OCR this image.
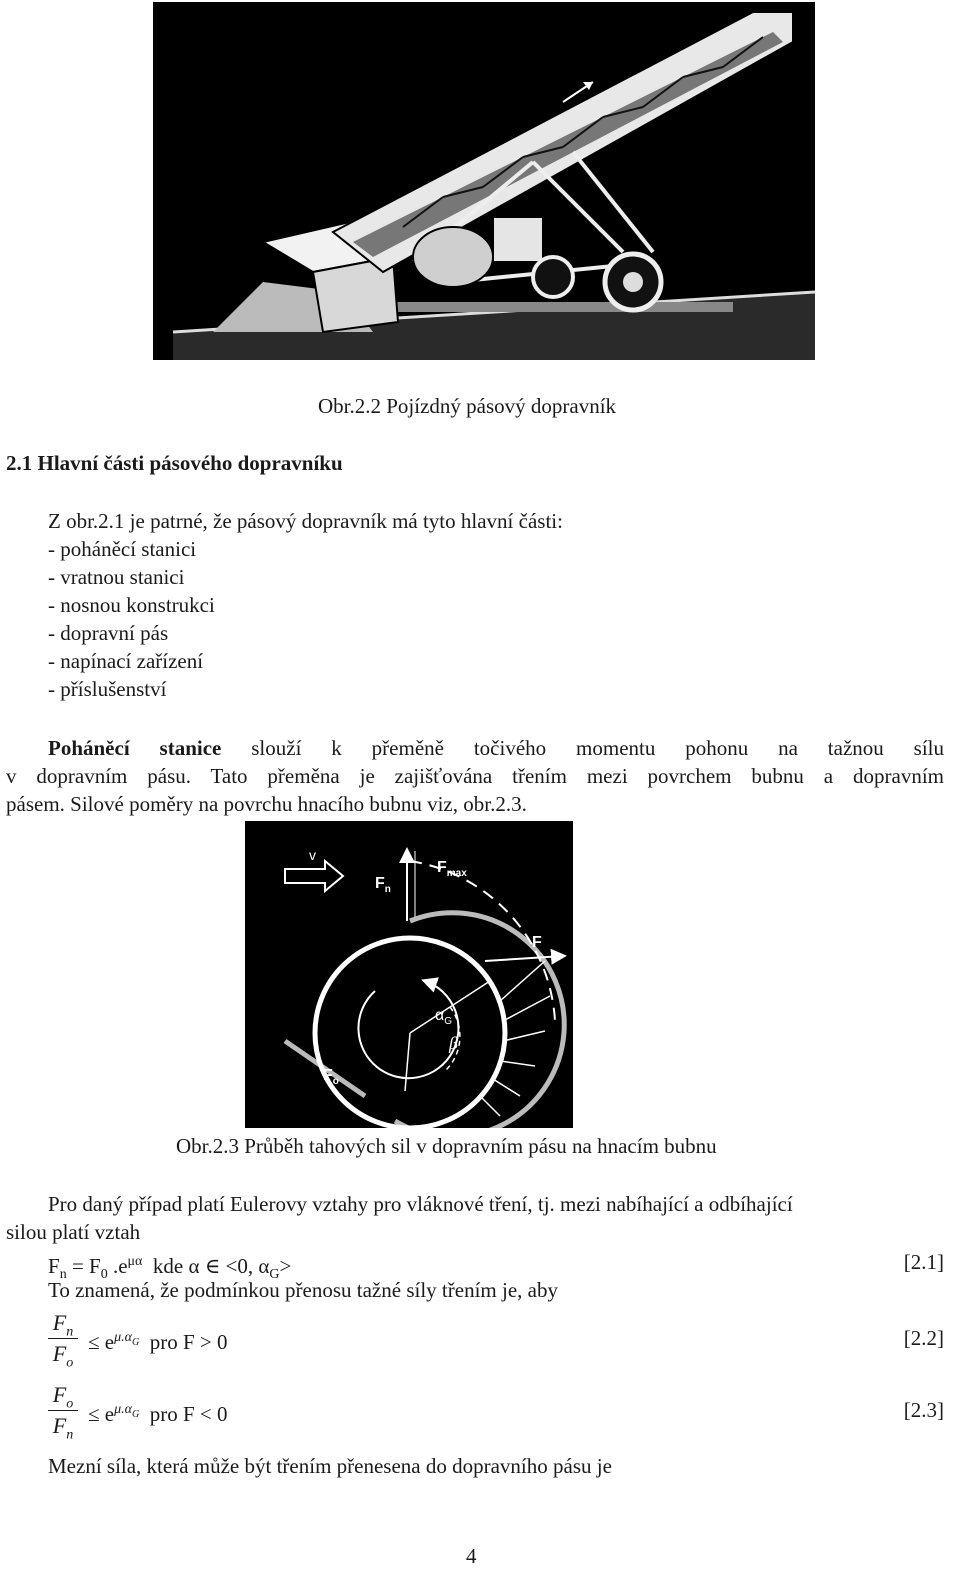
Obr.2.2 Pojízdný pásový dopravník
2.1 Hlavní části pásového dopravníku
Z obr.2.1 je patrné, že pásový dopravník má tyto hlavní části:
- poháněcí stanici
- vratnou stanici
- nosnou konstrukci
- dopravní pás
- napínací zařízení
- příslušenství
Poháněcí stanice slouží k přeměně točivého momentu pohonu na tažnou sílu
v dopravním pásu. Tato přeměna je zajišťována třením mezi povrchem bubnu a dopravním
pásem. Silové poměry na povrchu hnacího bubnu viz, obr.2.3.
v
$F_n$
$F_{max}$
F
$\alpha_G$
β
$F_o$
Obr.2.3 Průběh tahových sil v dopravním pásu na hnacím bubnu
Pro daný případ platí Eulerovy vztahy pro vláknové tření, tj. mezi nabíhající a odbíhající
silou platí vztah
$F_n = F_0$ $.e^{\mu\alpha}$ kde α ∈ <0, $\alpha_G>$	[2.1]
To znamená, že podmínkou přenosu tažné síly třením je, aby
$F_n$
$F_o$
≤ $e^{\mu.\alpha_G}$ pro F > 0	[2.2]
$F_o$
$F_n$
≤ $e^{\mu.\alpha_G}$ pro F < 0	[2.3]
Mezní síla, která může být třením přenesena do dopravního pásu je
4
